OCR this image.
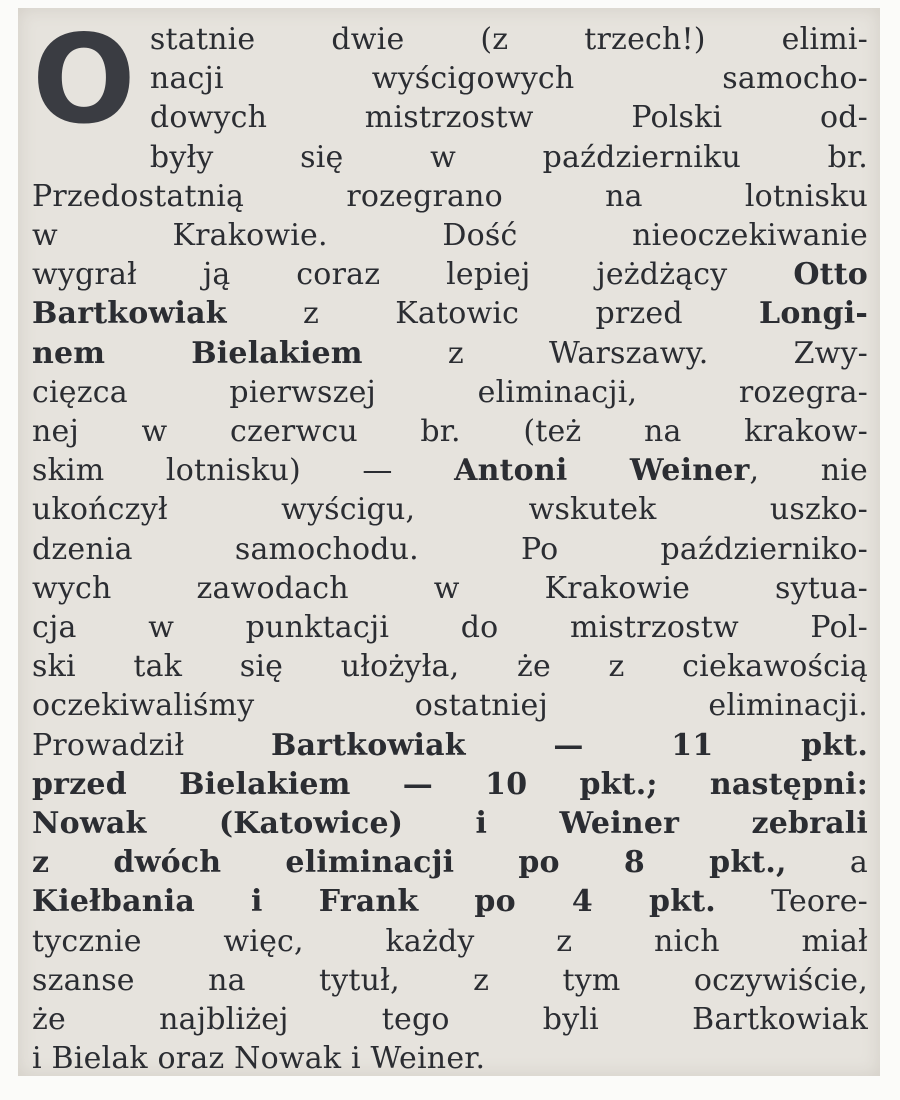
O statnie dwie (z trzech!) elimi-
nacji wyścigowych samocho-
dowych mistrzostw Polski od-
były się w październiku br.
Przedostatnią rozegrano na lotnisku
w Krakowie. Dość nieoczekiwanie
wygrał ją coraz lepiej jeżdżący Otto
Bartkowiak z Katowic przed Longi-
nem Bielakiem z Warszawy. Zwy-
cięzca pierwszej eliminacji, rozegra-
nej w czerwcu br. (też na krakow-
skim lotnisku) — Antoni Weiner, nie
ukończył wyścigu, wskutek uszko-
dzenia samochodu. Po październiko-
wych zawodach w Krakowie sytua-
cja w punktacji do mistrzostw Pol-
ski tak się ułożyła, że z ciekawością
oczekiwaliśmy ostatniej eliminacji.
Prowadził Bartkowiak — 11 pkt.
przed Bielakiem — 10 pkt.; następni:
Nowak (Katowice) i Weiner zebrali
z dwóch eliminacji po 8 pkt., a
Kiełbania i Frank po 4 pkt. Teore-
tycznie więc, każdy z nich miał
szanse na tytuł, z tym oczywiście,
że najbliżej tego byli Bartkowiak
i Bielak oraz Nowak i Weiner.
